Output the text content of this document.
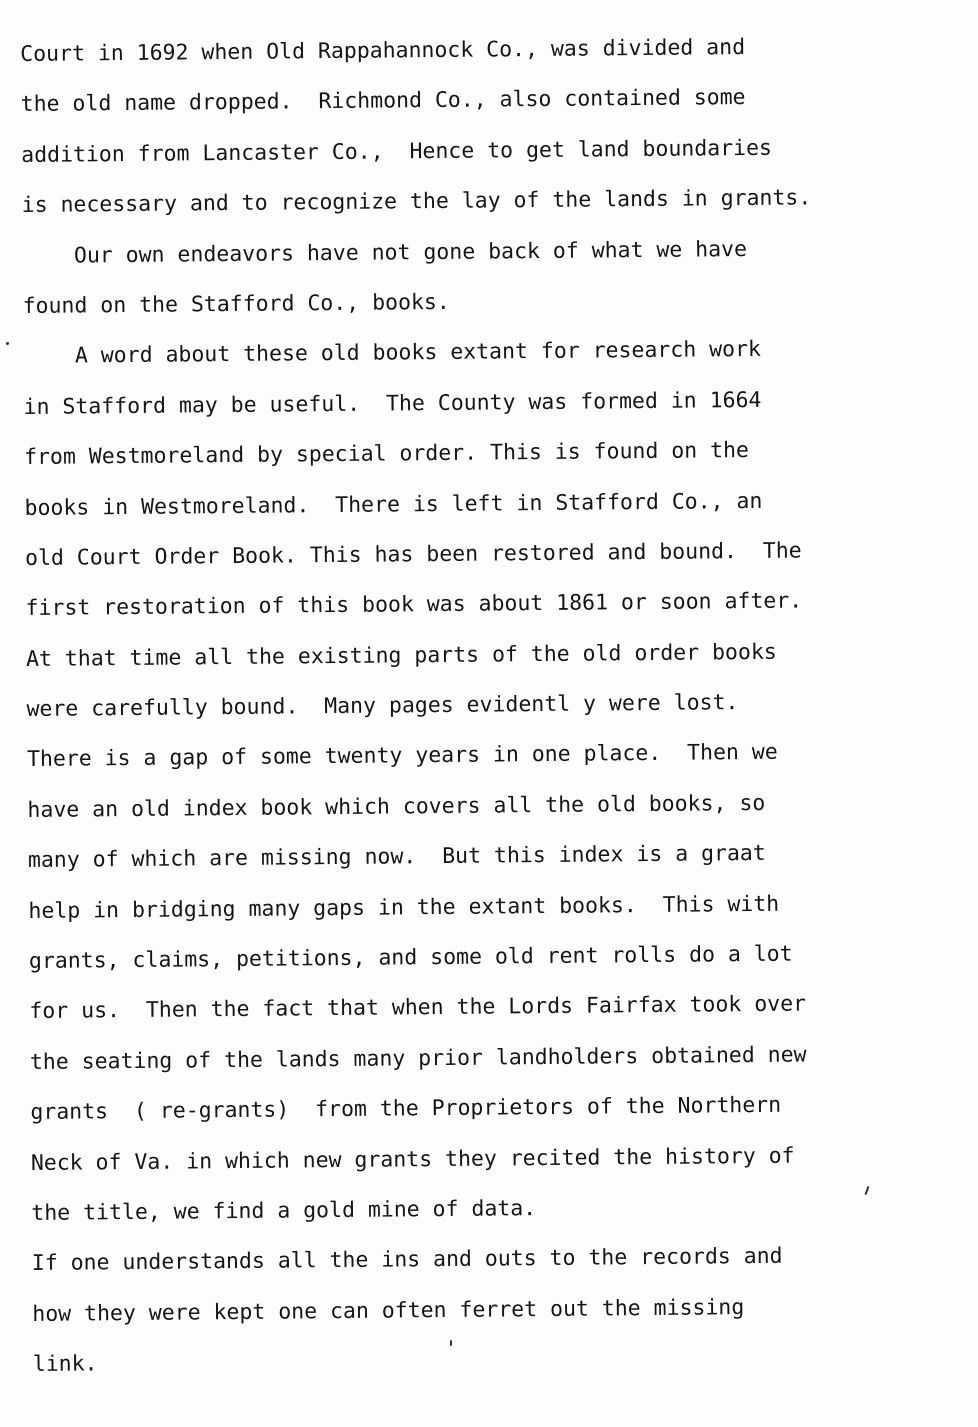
Court in 1692 when Old Rappahannock Co., was divided and
the old name dropped.  Richmond Co., also contained some
addition from Lancaster Co.,  Hence to get land boundaries
is necessary and to recognize the lay of the lands in grants.
Our own endeavors have not gone back of what we have
found on the Stafford Co., books.
A word about these old books extant for research work
in Stafford may be useful.  The County was formed in 1664
from Westmoreland by special order. This is found on the
books in Westmoreland.  There is left in Stafford Co., an
old Court Order Book. This has been restored and bound.  The
first restoration of this book was about 1861 or soon after.
At that time all the existing parts of the old order books
were carefully bound.  Many pages evidentl y were lost.
There is a gap of some twenty years in one place.  Then we
have an old index book which covers all the old books, so
many of which are missing now.  But this index is a graat
help in bridging many gaps in the extant books.  This with
grants, claims, petitions, and some old rent rolls do a lot
for us.  Then the fact that when the Lords Fairfax took over
the seating of the lands many prior landholders obtained new
grants  ( re-grants)  from the Proprietors of the Northern
Neck of Va. in which new grants they recited the history of
the title, we find a gold mine of data.
If one understands all the ins and outs to the records and
how they were kept one can often ferret out the missing
link.
